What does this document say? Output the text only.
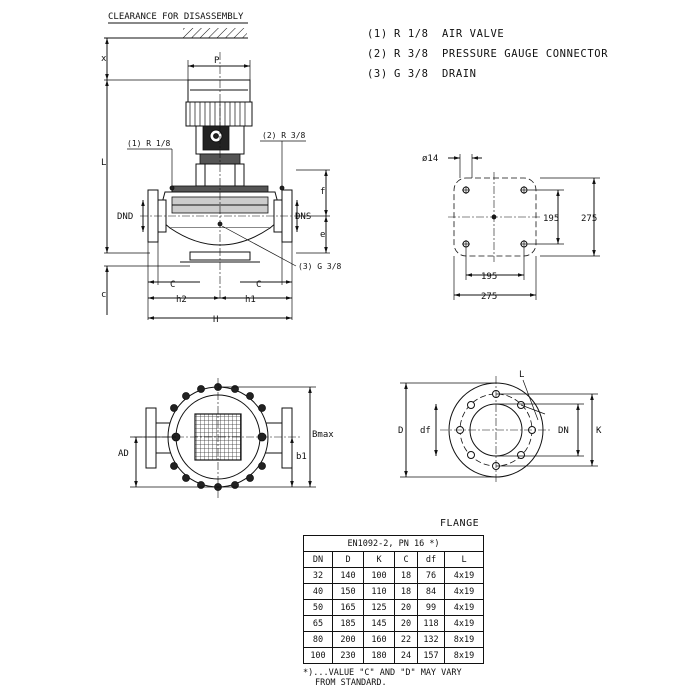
CLEARANCE FOR DISASSEMBLY
x
L
c
P
(1) R 1/8
(2) R 3/8
(3) G 3/8
f
e
DND	DNS
C	C
h2	h1
H
(1) R 1/8 AIR VALVE
(2) R 3/8 PRESSURE GAUGE CONNECTOR
(3) G 3/8 DRAIN
ø14
195 275
195
275
AD
Bmax
b1
L
D df	DN	K
FLANGE
EN1092-2, PN 16 *)					
DN	D	K	C	df	L
32	140	100	18	76	4x19
40	150	110	18	84	4x19
50	165	125	20	99	4x19
65	185	145	20	118	4x19
80	200	160	22	132	8x19
100	230	180	24	157	8x19
*)...VALUE "C" AND "D" MAY VARY
FROM STANDARD.
